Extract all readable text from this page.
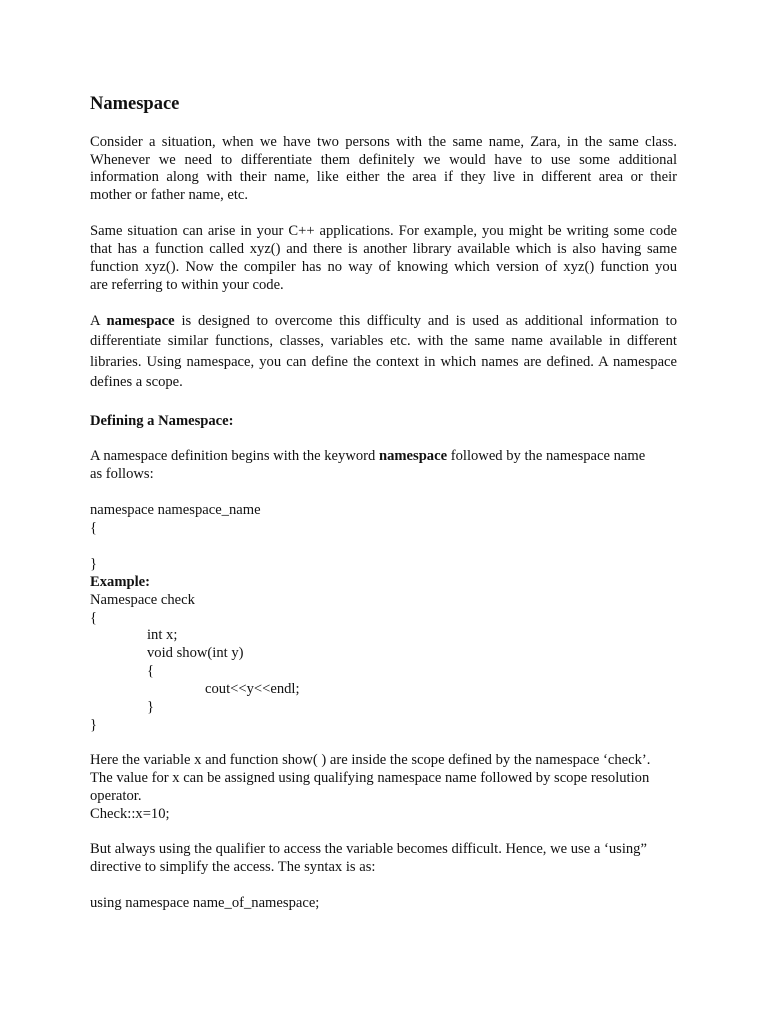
Namespace
Consider a situation, when we have two persons with the same name, Zara, in the same class.
Whenever we need to differentiate them definitely we would have to use some additional
information along with their name, like either the area if they live in different area or their
mother or father name, etc.
Same situation can arise in your C++ applications. For example, you might be writing some code
that has a function called xyz() and there is another library available which is also having same
function xyz(). Now the compiler has no way of knowing which version of xyz() function you
are referring to within your code.
A namespace is designed to overcome this difficulty and is used as additional information to
differentiate similar functions, classes, variables etc. with the same name available in different
libraries. Using namespace, you can define the context in which names are defined. A namespace
defines a scope.
Defining a Namespace:
A namespace definition begins with the keyword namespace followed by the namespace name
as follows:
namespace namespace_name
{
}
Example:
Namespace check
{
int x;
void show(int y)
{
cout<<y<<endl;
}
}
Here the variable x and function show( ) are inside the scope defined by the namespace ‘check’.
The value for x can be assigned using qualifying namespace name followed by scope resolution
operator.
Check::x=10;
But always using the qualifier to access the variable becomes difficult. Hence, we use a ‘using”
directive to simplify the access. The syntax is as:
using namespace name_of_namespace;
